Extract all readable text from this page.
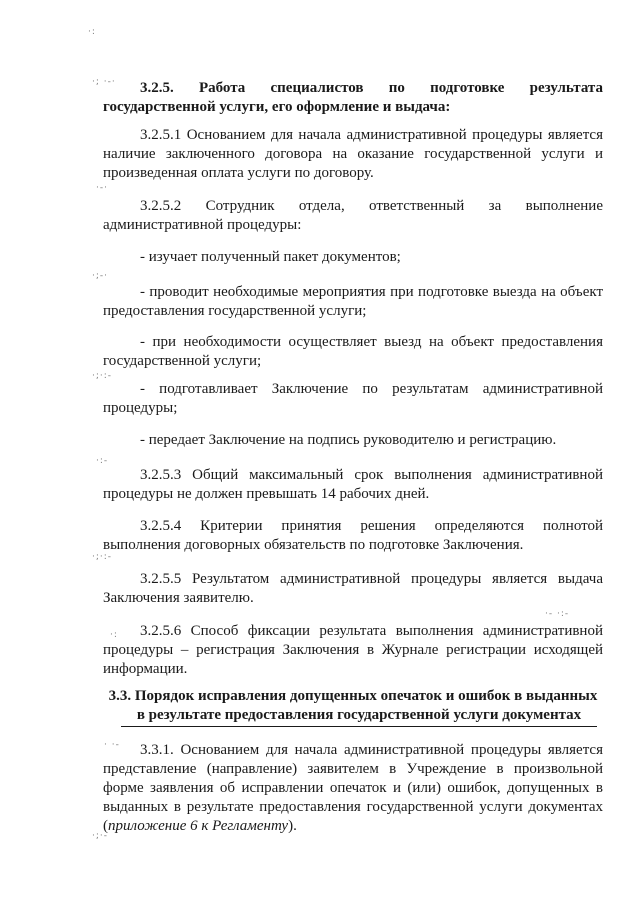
·:
·; ·‐·
·‐·
·;‐·
·;·:‐
·:‐
·;·:‐
·‐ ·:‐
·:
· ·‐
·;·‐

3.2.5. Работа специалистов по подготовке результата государственной услуги, его оформление и выдача:

3.2.5.1 Основанием для начала административной процедуры является наличие заключенного договора на оказание государственной услуги и произведенная оплата услуги по договору.

3.2.5.2 Сотрудник отдела, ответственный за выполнение административной процедуры:

- изучает полученный пакет документов;

- проводит необходимые мероприятия при подготовке выезда на объект предоставления государственной услуги;

- при необходимости осуществляет выезд на объект предоставления государственной услуги;

- подготавливает Заключение по результатам административной процедуры;

- передает Заключение на подпись руководителю и регистрацию.

3.2.5.3 Общий максимальный срок выполнения административной процедуры не должен превышать 14 рабочих дней.

3.2.5.4 Критерии принятия решения определяются полнотой выполнения договорных обязательств по подготовке Заключения.

3.2.5.5 Результатом административной процедуры является выдача Заключения заявителю.

3.2.5.6 Способ фиксации результата выполнения административной процедуры – регистрация Заключения в Журнале регистрации исходящей информации.

3.3. Порядок исправления допущенных опечаток и ошибок в выданных
в результате предоставления государственной услуги документах

3.3.1. Основанием для начала административной процедуры является представление (направление) заявителем в Учреждение в произвольной форме заявления об исправлении опечаток и (или) ошибок, допущенных в выданных в результате предоставления государственной услуги документах (приложение 6 к Регламенту).
